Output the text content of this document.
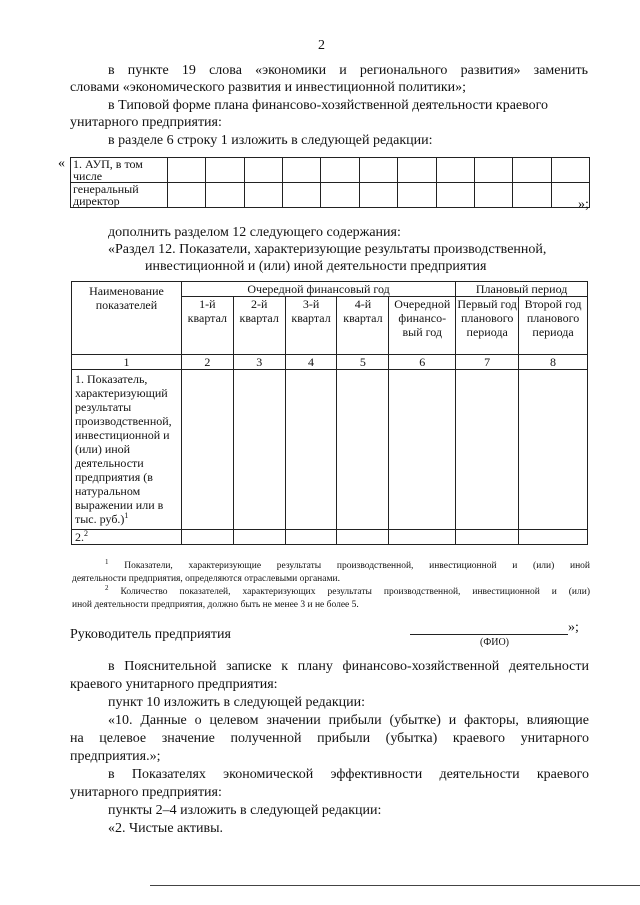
2
в пункте 19 слова «экономики и регионального развития» заменить
словами «экономического развития и инвестиционной политики»;
в Типовой форме плана финансово-хозяйственной деятельности краевого
унитарного предприятия:
в разделе 6 строку 1 изложить в следующей редакции:
« 1. АУП, в том числе											
генеральный директор												»;
дополнить разделом 12 следующего содержания:
«Раздел 12. Показатели, характеризующие результаты производственной,
инвестиционной и (или) иной деятельности предприятия
Наименование показателей	Очередной финансовый год					Плановый период	
	1-й квартал	2-й квартал	3-й квартал	4-й квартал	Очередной финансо-вый год	Первый год планового периода	Второй год планового периода
1	2	3	4	5	6	7	8
1. Показатель, характеризующий результаты производственной, инвестиционной и (или) иной деятельности предприятия (в натуральном выражении или в тыс. руб.)$^1$							
2.$^2$							
$^1$ Показатели, характеризующие результаты производственной, инвестиционной и (или) иной
деятельности предприятия, определяются отраслевыми органами.
$^2$ Количество показателей, характеризующих результаты производственной, инвестиционной и (или)
иной деятельности предприятия, должно быть не менее 3 и не более 5.
Руководитель предприятия	»;
(ФИО)
в Пояснительной записке к плану финансово-хозяйственной деятельности
краевого унитарного предприятия:
пункт 10 изложить в следующей редакции:
«10. Данные о целевом значении прибыли (убытке) и факторы, влияющие
на целевое значение полученной прибыли (убытка) краевого унитарного
предприятия.»;
в Показателях экономической эффективности деятельности краевого
унитарного предприятия:
пункты 2–4 изложить в следующей редакции:
«2. Чистые активы.
